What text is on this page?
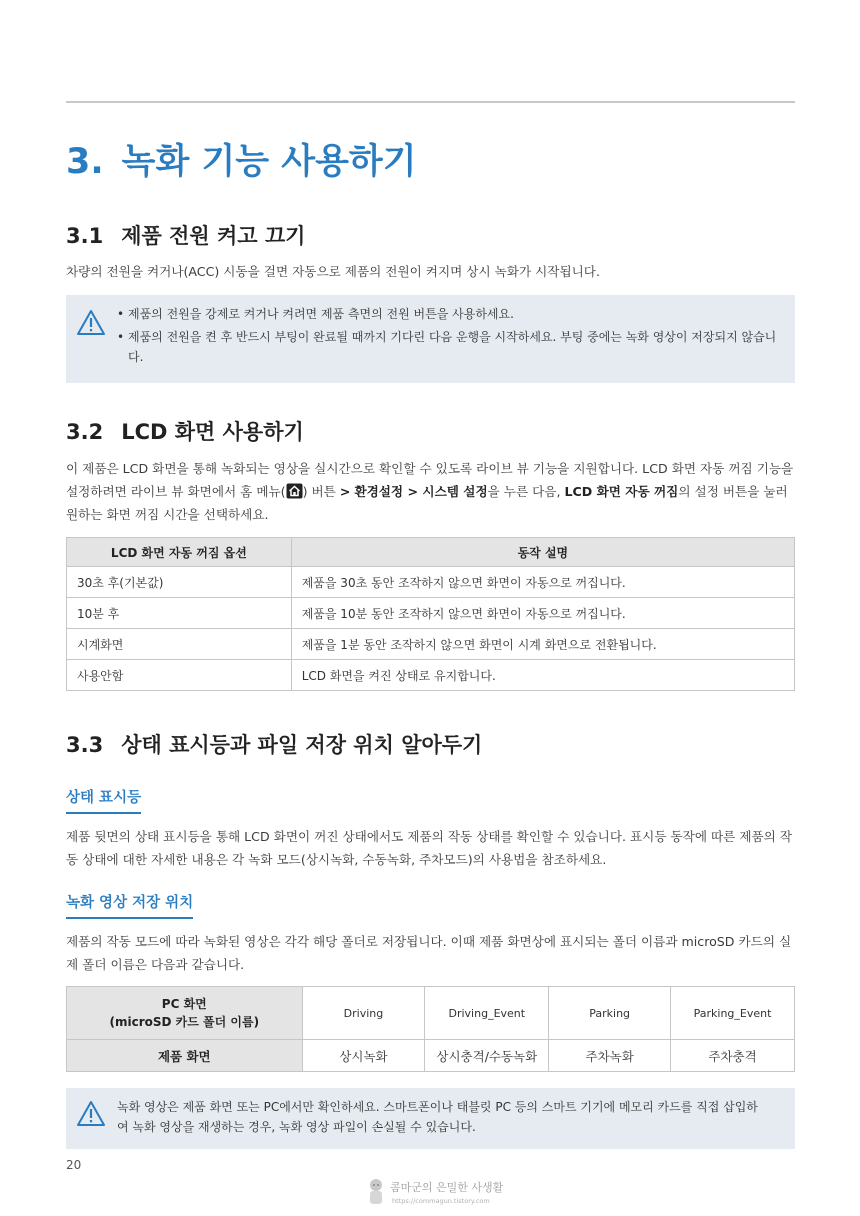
3. 녹화 기능 사용하기
3.1 제품 전원 켜고 끄기

차량의 전원을 켜거나(ACC) 시동을 걸면 자동으로 제품의 전원이 켜지며 상시 녹화가 시작됩니다.

• 제품의 전원을 강제로 켜거나 켜려면 제품 측면의 전원 버튼을 사용하세요.
• 제품의 전원을 켠 후 반드시 부팅이 완료될 때까지 기다린 다음 운행을 시작하세요. 부팅 중에는 녹화 영상이 저장되지 않습니다.
3.2 LCD 화면 사용하기

이 제품은 LCD 화면을 통해 녹화되는 영상을 실시간으로 확인할 수 있도록 라이브 뷰 기능을 지원합니다. LCD 화면 자동 꺼짐 기능을 설정하려면 라이브 뷰 화면에서 홈 메뉴( ) 버튼 > 환경설정 > 시스템 설정을 누른 다음, LCD 화면 자동 꺼짐의 설정 버튼을 눌러 원하는 화면 꺼짐 시간을 선택하세요.

LCD 화면 자동 꺼짐 옵션	동작 설명
30초 후(기본값)	제품을 30초 동안 조작하지 않으면 화면이 자동으로 꺼집니다.
10분 후	제품을 10분 동안 조작하지 않으면 화면이 자동으로 꺼집니다.
시계화면	제품을 1분 동안 조작하지 않으면 화면이 시계 화면으로 전환됩니다.
사용안함	LCD 화면을 켜진 상태로 유지합니다.
3.3 상태 표시등과 파일 저장 위치 알아두기
상태 표시등

제품 뒷면의 상태 표시등을 통해 LCD 화면이 꺼진 상태에서도 제품의 작동 상태를 확인할 수 있습니다. 표시등 동작에 따른 제품의 작동 상태에 대한 자세한 내용은 각 녹화 모드(상시녹화, 수동녹화, 주차모드)의 사용법을 참조하세요.

녹화 영상 저장 위치

제품의 작동 모드에 따라 녹화된 영상은 각각 해당 폴더로 저장됩니다. 이때 제품 화면상에 표시되는 폴더 이름과 microSD 카드의 실제 폴더 이름은 다음과 같습니다.

PC 화면
(microSD 카드 폴더 이름)	Driving	Driving_Event	Parking	Parking_Event
제품 화면	상시녹화	상시충격/수동녹화	주차녹화	주차충격

녹화 영상은 제품 화면 또는 PC에서만 확인하세요. 스마트폰이나 태블릿 PC 등의 스마트 기기에 메모리 카드를 직접 삽입하여 녹화 영상을 재생하는 경우, 녹화 영상 파일이 손실될 수 있습니다.

20
콤마군의 은밀한 사생활
https://commagun.tistory.com
